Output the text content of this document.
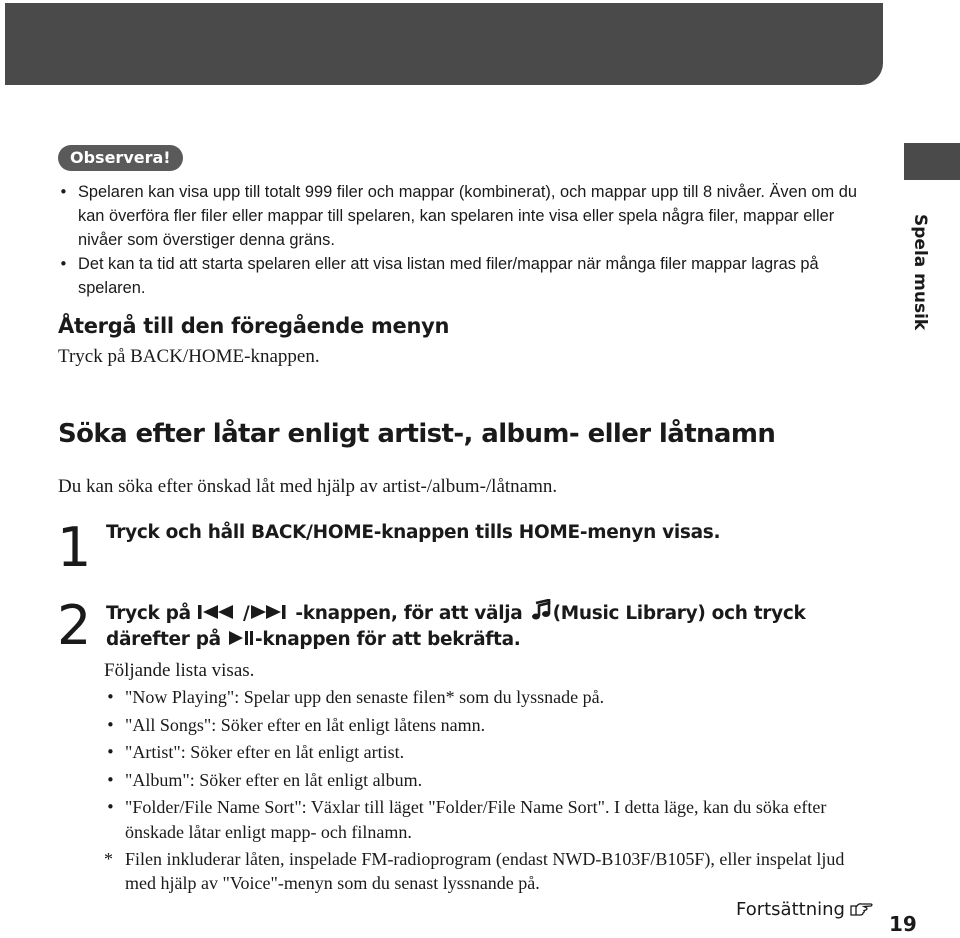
Spela musik
Observera!
• Spelaren kan visa upp till totalt 999 filer och mappar (kombinerat), och mappar upp till 8 nivåer. Även om du kan överföra fler filer eller mappar till spelaren, kan spelaren inte visa eller spela några filer, mappar eller nivåer som överstiger denna gräns.
• Det kan ta tid att starta spelaren eller att visa listan med filer/mappar när många filer mappar lagras på spelaren.
Återgå till den föregående menyn
Tryck på BACK/HOME-knappen.
Söka efter låtar enligt artist-, album- eller låtnamn
Du kan söka efter önskad låt med hjälp av artist-/album-/låtnamn.
1 Tryck och håll BACK/HOME-knappen tills HOME-menyn visas.
2 Tryck på
/ -knappen, för att välja
(Music Library) och tryck därefter på
-knappen för att bekräfta.
Följande lista visas.
• "Now Playing": Spelar upp den senaste filen* som du lyssnade på.
• "All Songs": Söker efter en låt enligt låtens namn.
• "Artist": Söker efter en låt enligt artist.
• "Album": Söker efter en låt enligt album.
• "Folder/File Name Sort": Växlar till läget "Folder/File Name Sort". I detta läge, kan du söka efter önskade låtar enligt mapp- och filnamn.
* Filen inkluderar låten, inspelade FM-radioprogram (endast NWD-B103F/B105F), eller inspelat ljud med hjälp av "Voice"-menyn som du senast lyssnande på.
Fortsättning
19
